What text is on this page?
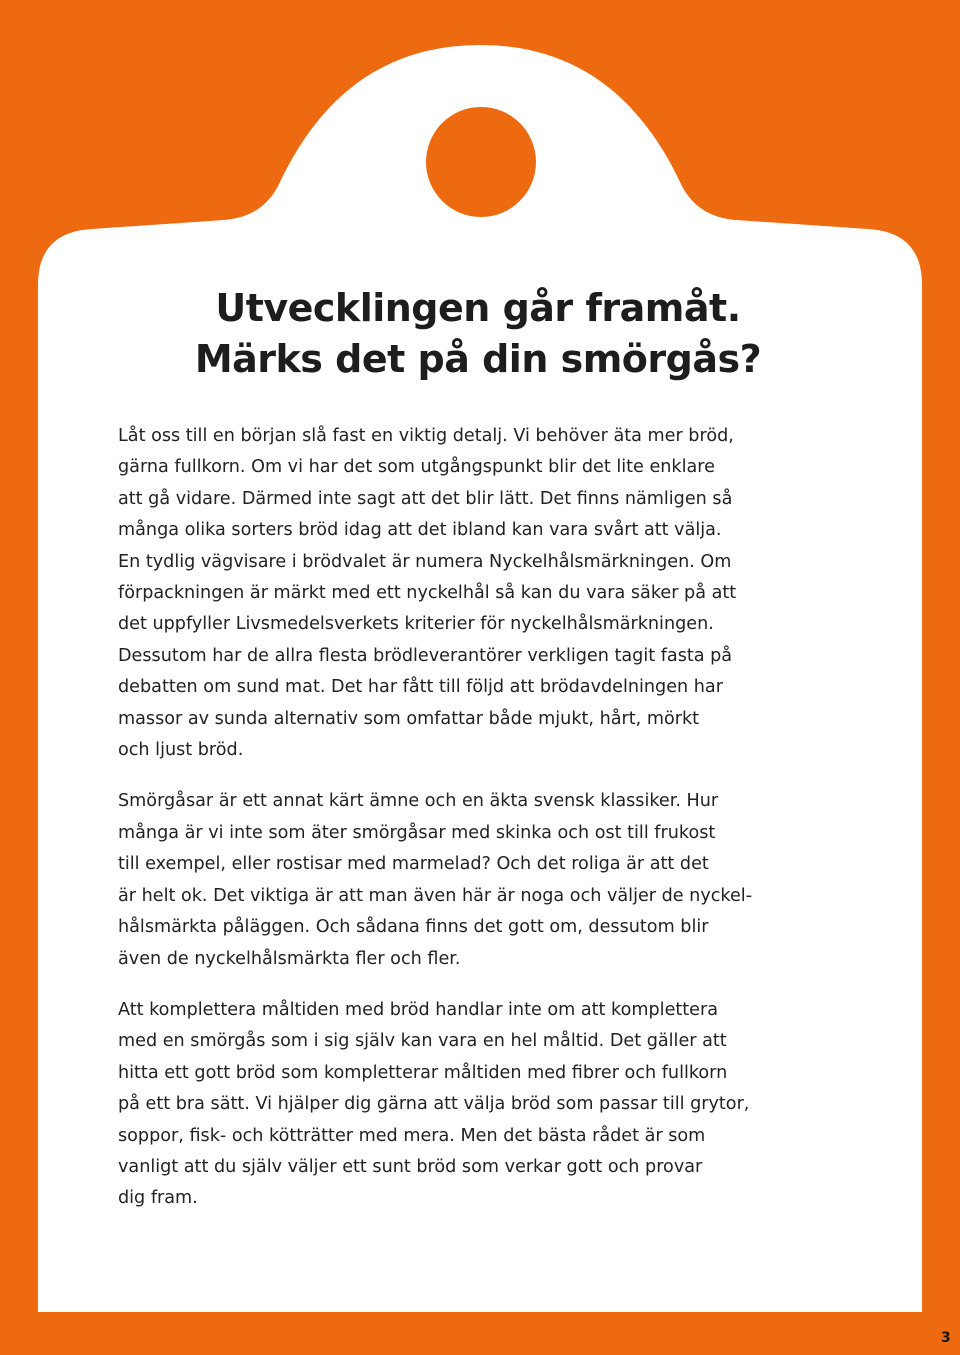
Utvecklingen går framåt.
Märks det på din smörgås?

Låt oss till en början slå fast en viktig detalj. Vi behöver äta mer bröd,
gärna fullkorn. Om vi har det som utgångspunkt blir det lite enklare
att gå vidare. Därmed inte sagt att det blir lätt. Det finns nämligen så
många olika sorters bröd idag att det ibland kan vara svårt att välja.
En tydlig vägvisare i brödvalet är numera Nyckelhålsmärkningen. Om
förpackningen är märkt med ett nyckelhål så kan du vara säker på att
det uppfyller Livsmedelsverkets kriterier för nyckelhålsmärkningen.
Dessutom har de allra flesta brödleverantörer verkligen tagit fasta på
debatten om sund mat. Det har fått till följd att brödavdelningen har
massor av sunda alternativ som omfattar både mjukt, hårt, mörkt
och ljust bröd.

Smörgåsar är ett annat kärt ämne och en äkta svensk klassiker. Hur
många är vi inte som äter smörgåsar med skinka och ost till frukost
till exempel, eller rostisar med marmelad? Och det roliga är att det
är helt ok. Det viktiga är att man även här är noga och väljer de nyckel-
hålsmärkta påläggen. Och sådana finns det gott om, dessutom blir
även de nyckelhålsmärkta fler och fler.

Att komplettera måltiden med bröd handlar inte om att komplettera
med en smörgås som i sig själv kan vara en hel måltid. Det gäller att
hitta ett gott bröd som kompletterar måltiden med fibrer och fullkorn
på ett bra sätt. Vi hjälper dig gärna att välja bröd som passar till grytor,
soppor, fisk- och kötträtter med mera. Men det bästa rådet är som
vanligt att du själv väljer ett sunt bröd som verkar gott och provar
dig fram.

3
